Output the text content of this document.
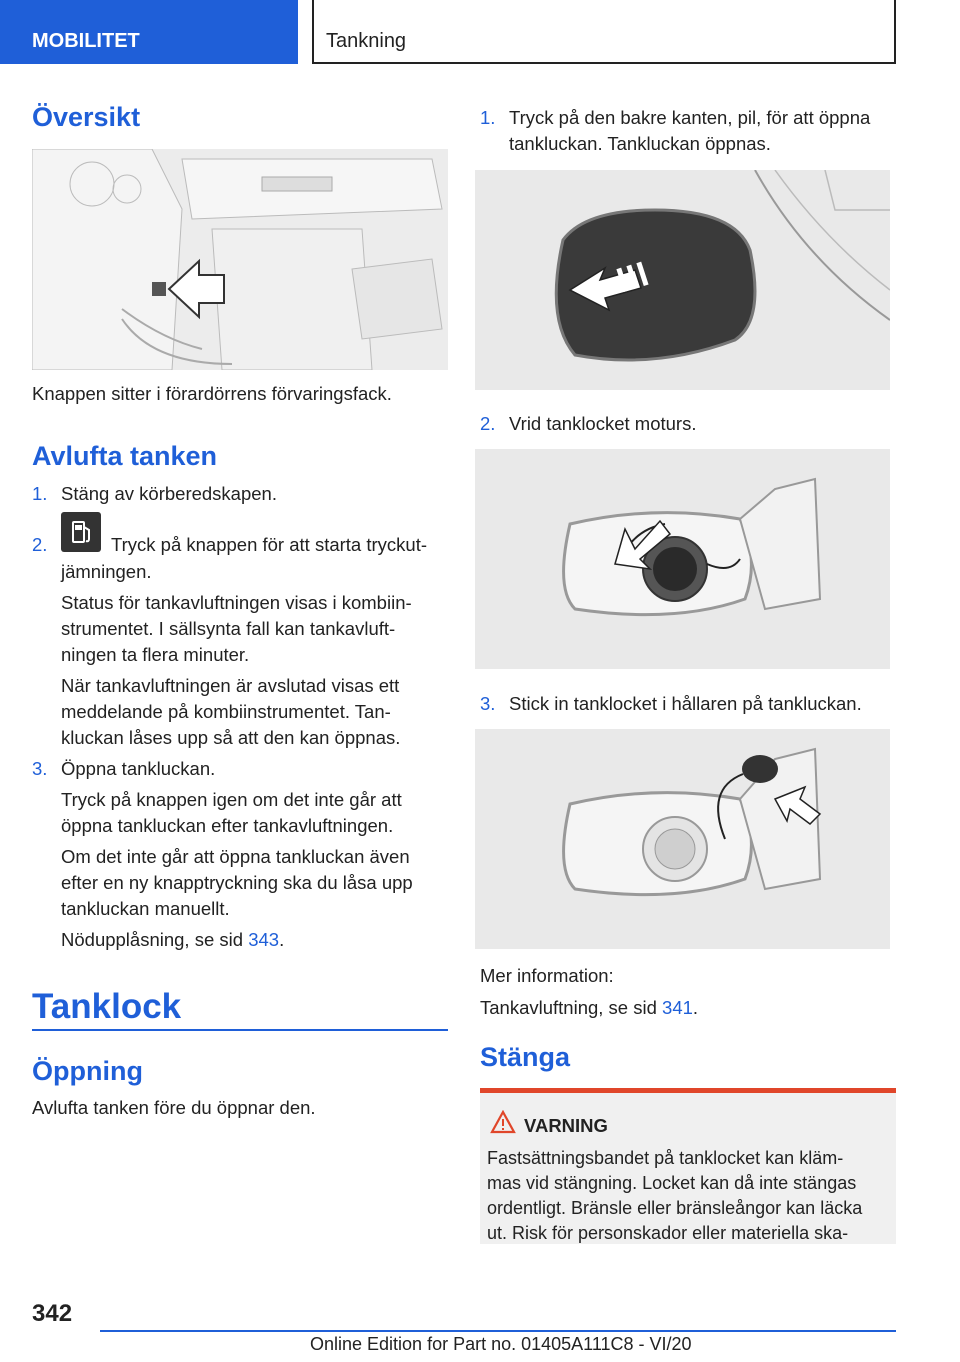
MOBILITET	Tankning
Översikt
Knappen sitter i förardörrens förvaringsfack.
Avlufta tanken
1. Stäng av körberedskapen.
2.	Tryck på knappen för att starta tryckut-
jämningen.
Status för tankavluftningen visas i kombiin-
strumentet. I sällsynta fall kan tankavluft-
ningen ta flera minuter.
När tankavluftningen är avslutad visas ett
meddelande på kombiinstrumentet. Tan-
kluckan låses upp så att den kan öppnas.
3. Öppna tankluckan.
Tryck på knappen igen om det inte går att
öppna tankluckan efter tankavluftningen.
Om det inte går att öppna tankluckan även
efter en ny knapptryckning ska du låsa upp
tankluckan manuellt.
Nödupplåsning, se sid 343.
Tanklock
Öppning
Avlufta tanken före du öppnar den.
1. Tryck på den bakre kanten, pil, för att öppna
tankluckan. Tankluckan öppnas.
2. Vrid tanklocket moturs.
3. Stick in tanklocket i hållaren på tankluckan.
Mer information:
Tankavluftning, se sid 341.
Stänga
VARNING
Fastsättningsbandet på tanklocket kan kläm-
mas vid stängning. Locket kan då inte stängas
ordentligt. Bränsle eller bränsleångor kan läcka
ut. Risk för personskador eller materiella ska-
342
Online Edition for Part no. 01405A111C8 - VI/20
